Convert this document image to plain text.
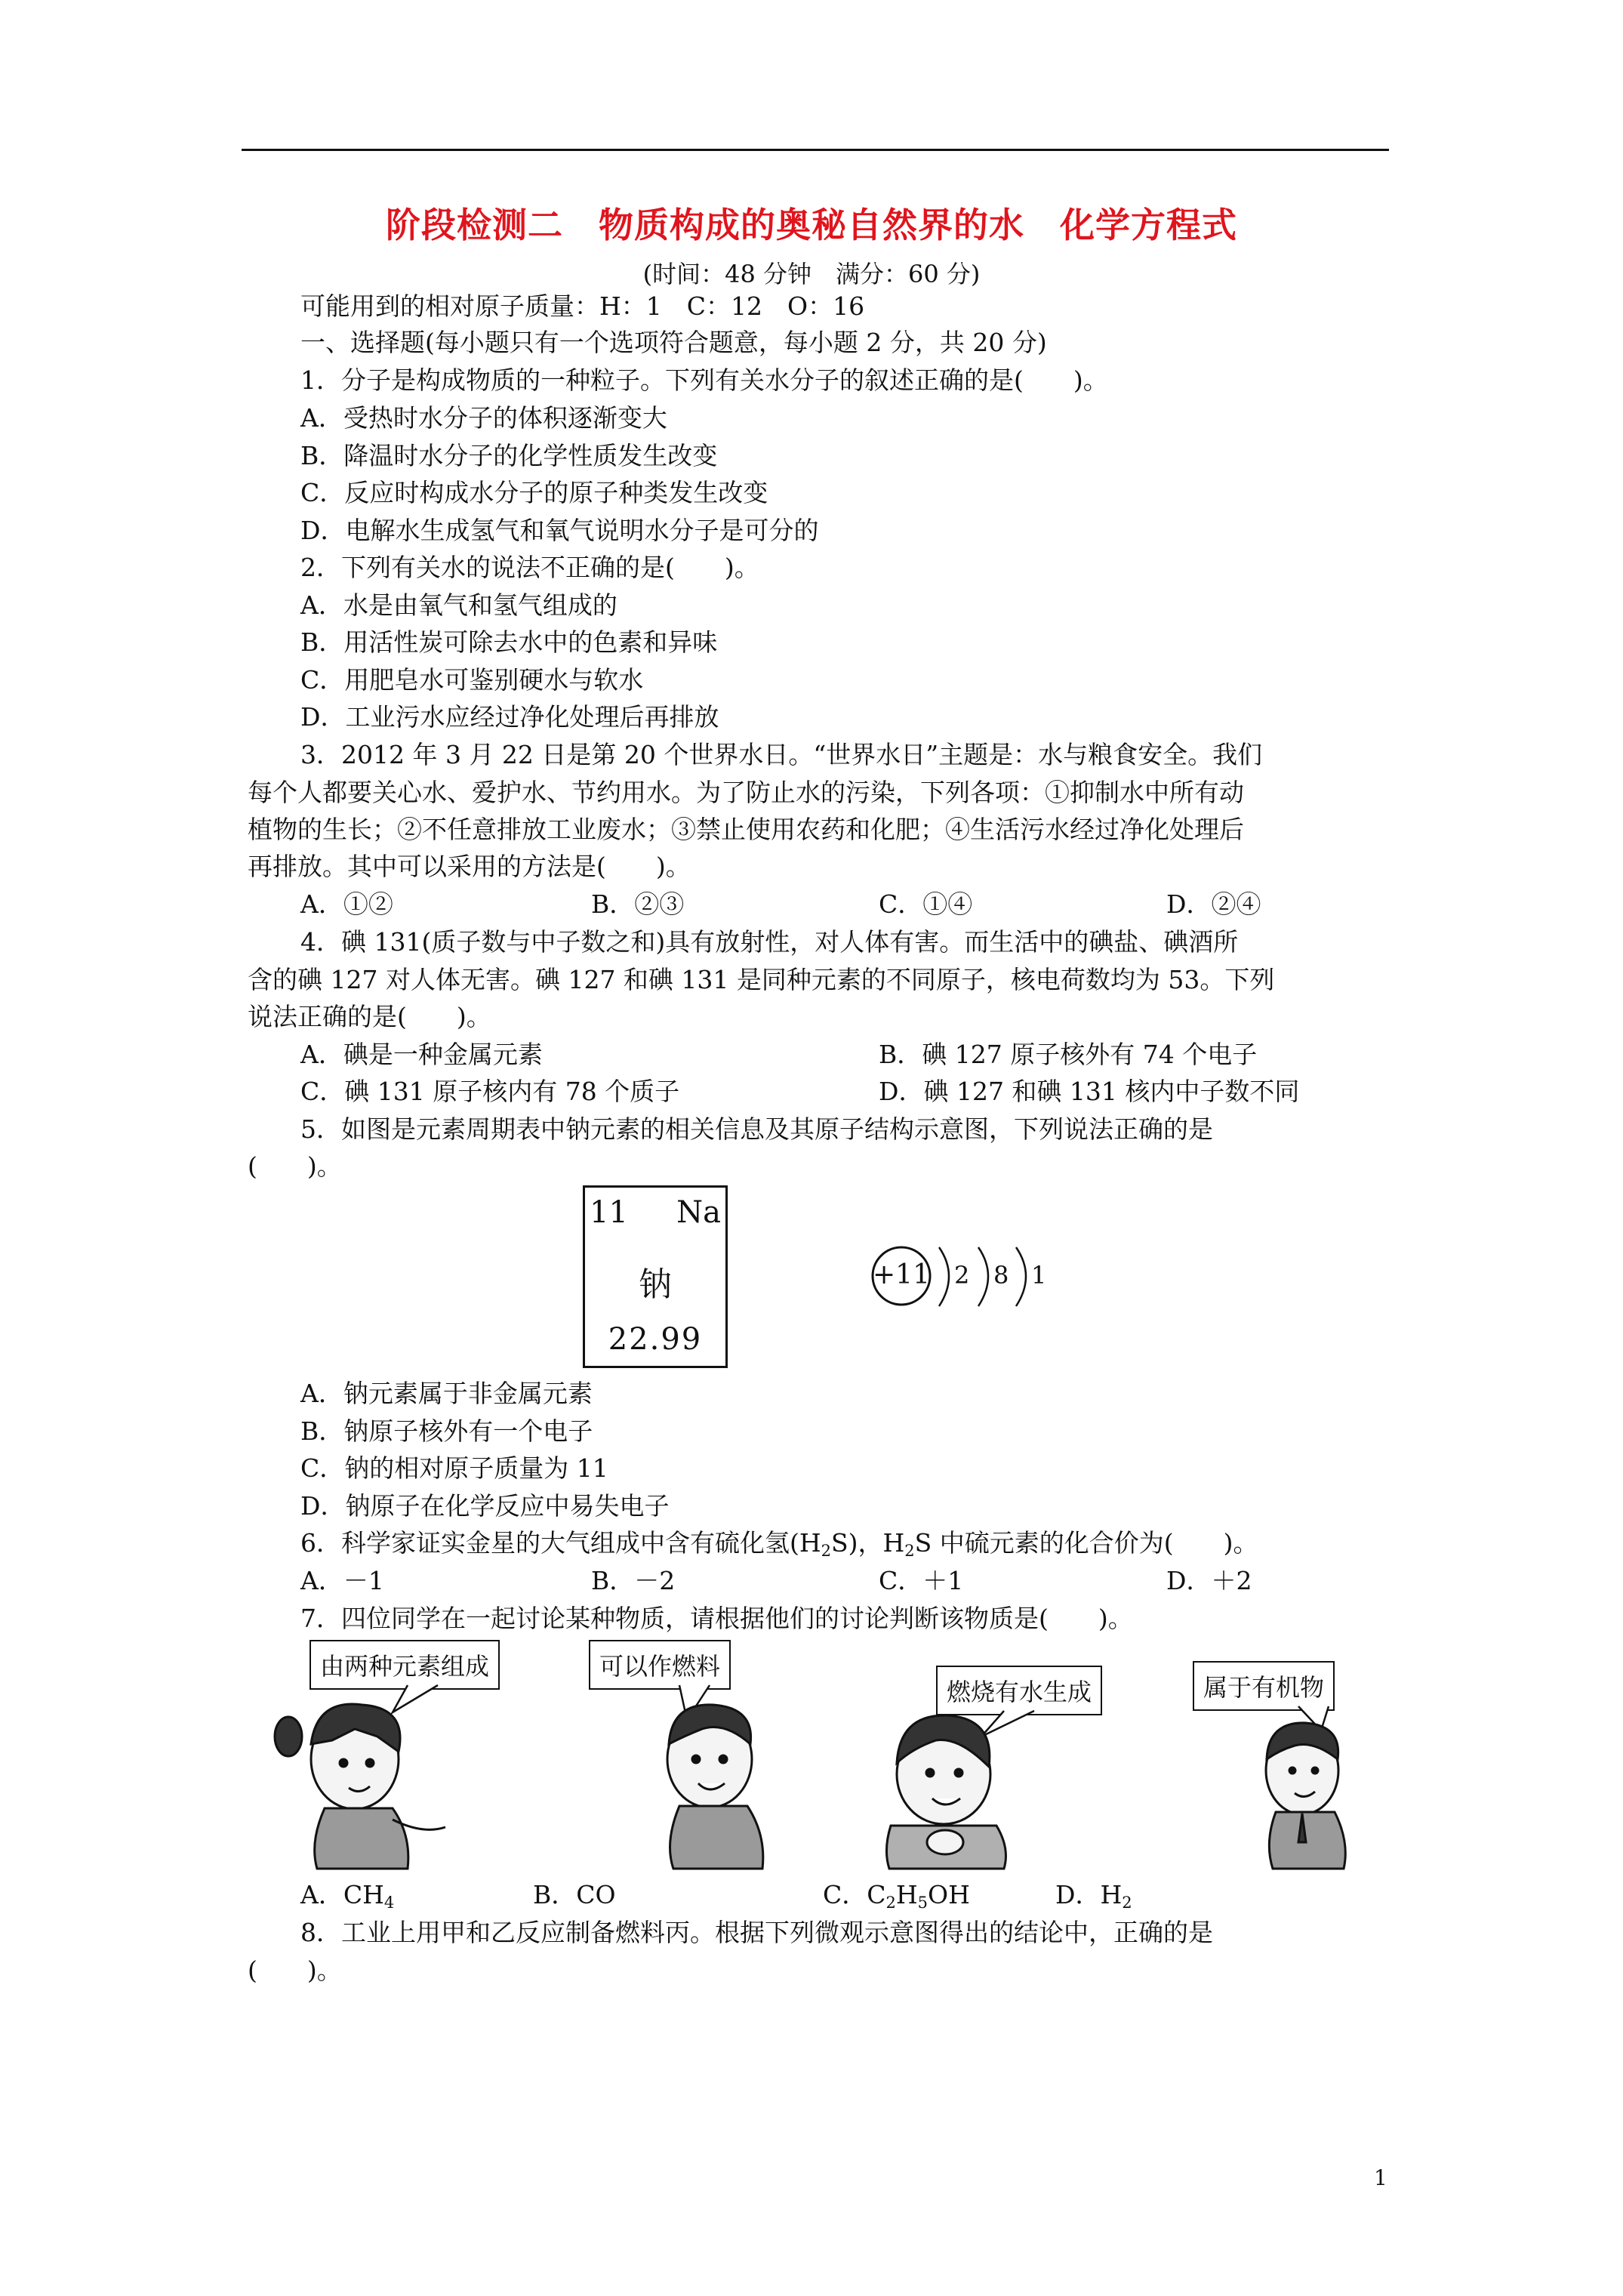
阶段检测二　物质构成的奥秘自然界的水　化学方程式
(时间：48 分钟　满分：60 分)
可能用到的相对原子质量：H：1　C：12　O：16
一、选择题(每小题只有一个选项符合题意，每小题 2 分，共 20 分)
1．分子是构成物质的一种粒子。下列有关水分子的叙述正确的是(　　)。
A．受热时水分子的体积逐渐变大
B．降温时水分子的化学性质发生改变
C．反应时构成水分子的原子种类发生改变
D．电解水生成氢气和氧气说明水分子是可分的
2．下列有关水的说法不正确的是(　　)。
A．水是由氧气和氢气组成的
B．用活性炭可除去水中的色素和异味
C．用肥皂水可鉴别硬水与软水
D．工业污水应经过净化处理后再排放
3．2012 年 3 月 22 日是第 20 个世界水日。“世界水日”主题是：水与粮食安全。我们
每个人都要关心水、爱护水、节约用水。为了防止水的污染，下列各项：①抑制水中所有动
植物的生长；②不任意排放工业废水；③禁止使用农药和化肥；④生活污水经过净化处理后
再排放。其中可以采用的方法是(　　)。
A．①②	B．②③	C．①④	D．②④
4．碘 131(质子数与中子数之和)具有放射性，对人体有害。而生活中的碘盐、碘酒所
含的碘 127 对人体无害。碘 127 和碘 131 是同种元素的不同原子，核电荷数均为 53。下列
说法正确的是(　　)。
A．碘是一种金属元素	B．碘 127 原子核外有 74 个电子
C．碘 131 原子核内有 78 个质子	D．碘 127 和碘 131 核内中子数不同
5．如图是元素周期表中钠元素的相关信息及其原子结构示意图，下列说法正确的是
(　　)。
11 Na
钠
22.99
+11 2 8 1
A．钠元素属于非金属元素
B．钠原子核外有一个电子
C．钠的相对原子质量为 11
D．钠原子在化学反应中易失电子
6．科学家证实金星的大气组成中含有硫化氢$(H_2S)$，$H_2S$ 中硫元素的化合价为(　　)。
A．－1	B．－2	C．＋1	D．＋2
7．四位同学在一起讨论某种物质，请根据他们的讨论判断该物质是(　　)。
由两种元素组成	可以作燃料
燃烧有水生成	属于有机物
A．$CH_4$	B．CO	C．$C_2H_5OH$	D．$H_2$
8．工业上用甲和乙反应制备燃料丙。根据下列微观示意图得出的结论中，正确的是
(　　)。
1
